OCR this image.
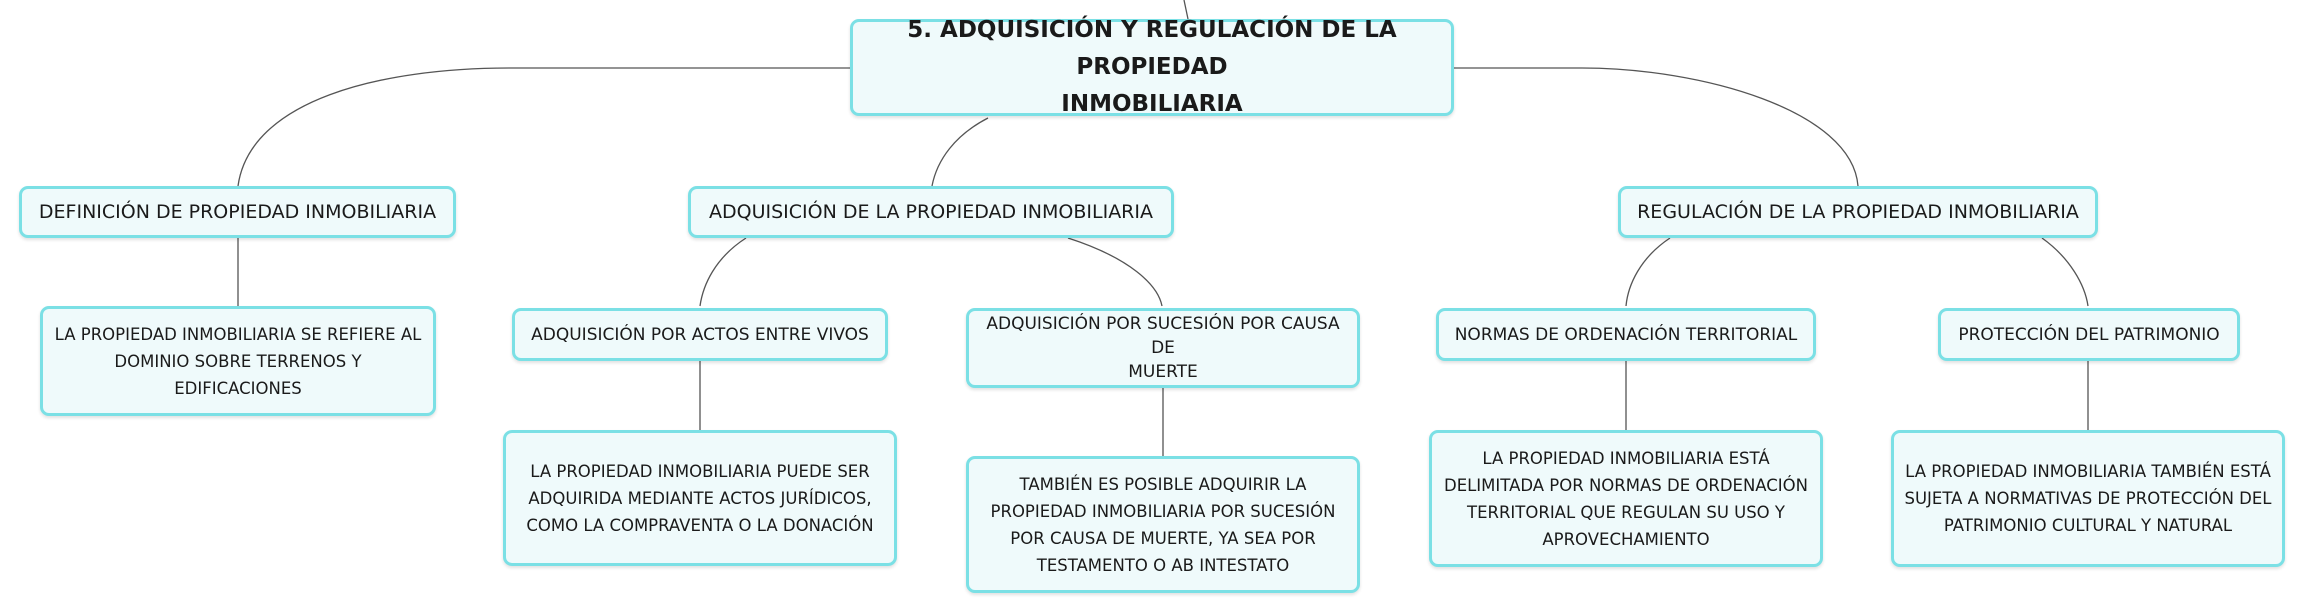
5. ADQUISICIÓN Y REGULACIÓN DE LA PROPIEDAD
INMOBILIARIA
DEFINICIÓN DE PROPIEDAD INMOBILIARIA	ADQUISICIÓN DE LA PROPIEDAD INMOBILIARIA	REGULACIÓN DE LA PROPIEDAD INMOBILIARIA
ADQUISICIÓN POR ACTOS ENTRE VIVOS
ADQUISICIÓN POR SUCESIÓN POR CAUSA DE
MUERTE
NORMAS DE ORDENACIÓN TERRITORIAL	PROTECCIÓN DEL PATRIMONIO
LA PROPIEDAD INMOBILIARIA SE REFIERE AL
DOMINIO SOBRE TERRENOS Y
EDIFICACIONES
LA PROPIEDAD INMOBILIARIA PUEDE SER
ADQUIRIDA MEDIANTE ACTOS JURÍDICOS,
COMO LA COMPRAVENTA O LA DONACIÓN
TAMBIÉN ES POSIBLE ADQUIRIR LA
PROPIEDAD INMOBILIARIA POR SUCESIÓN
POR CAUSA DE MUERTE, YA SEA POR
TESTAMENTO O AB INTESTATO
LA PROPIEDAD INMOBILIARIA ESTÁ
DELIMITADA POR NORMAS DE ORDENACIÓN
TERRITORIAL QUE REGULAN SU USO Y
APROVECHAMIENTO
LA PROPIEDAD INMOBILIARIA TAMBIÉN ESTÁ
SUJETA A NORMATIVAS DE PROTECCIÓN DEL
PATRIMONIO CULTURAL Y NATURAL
